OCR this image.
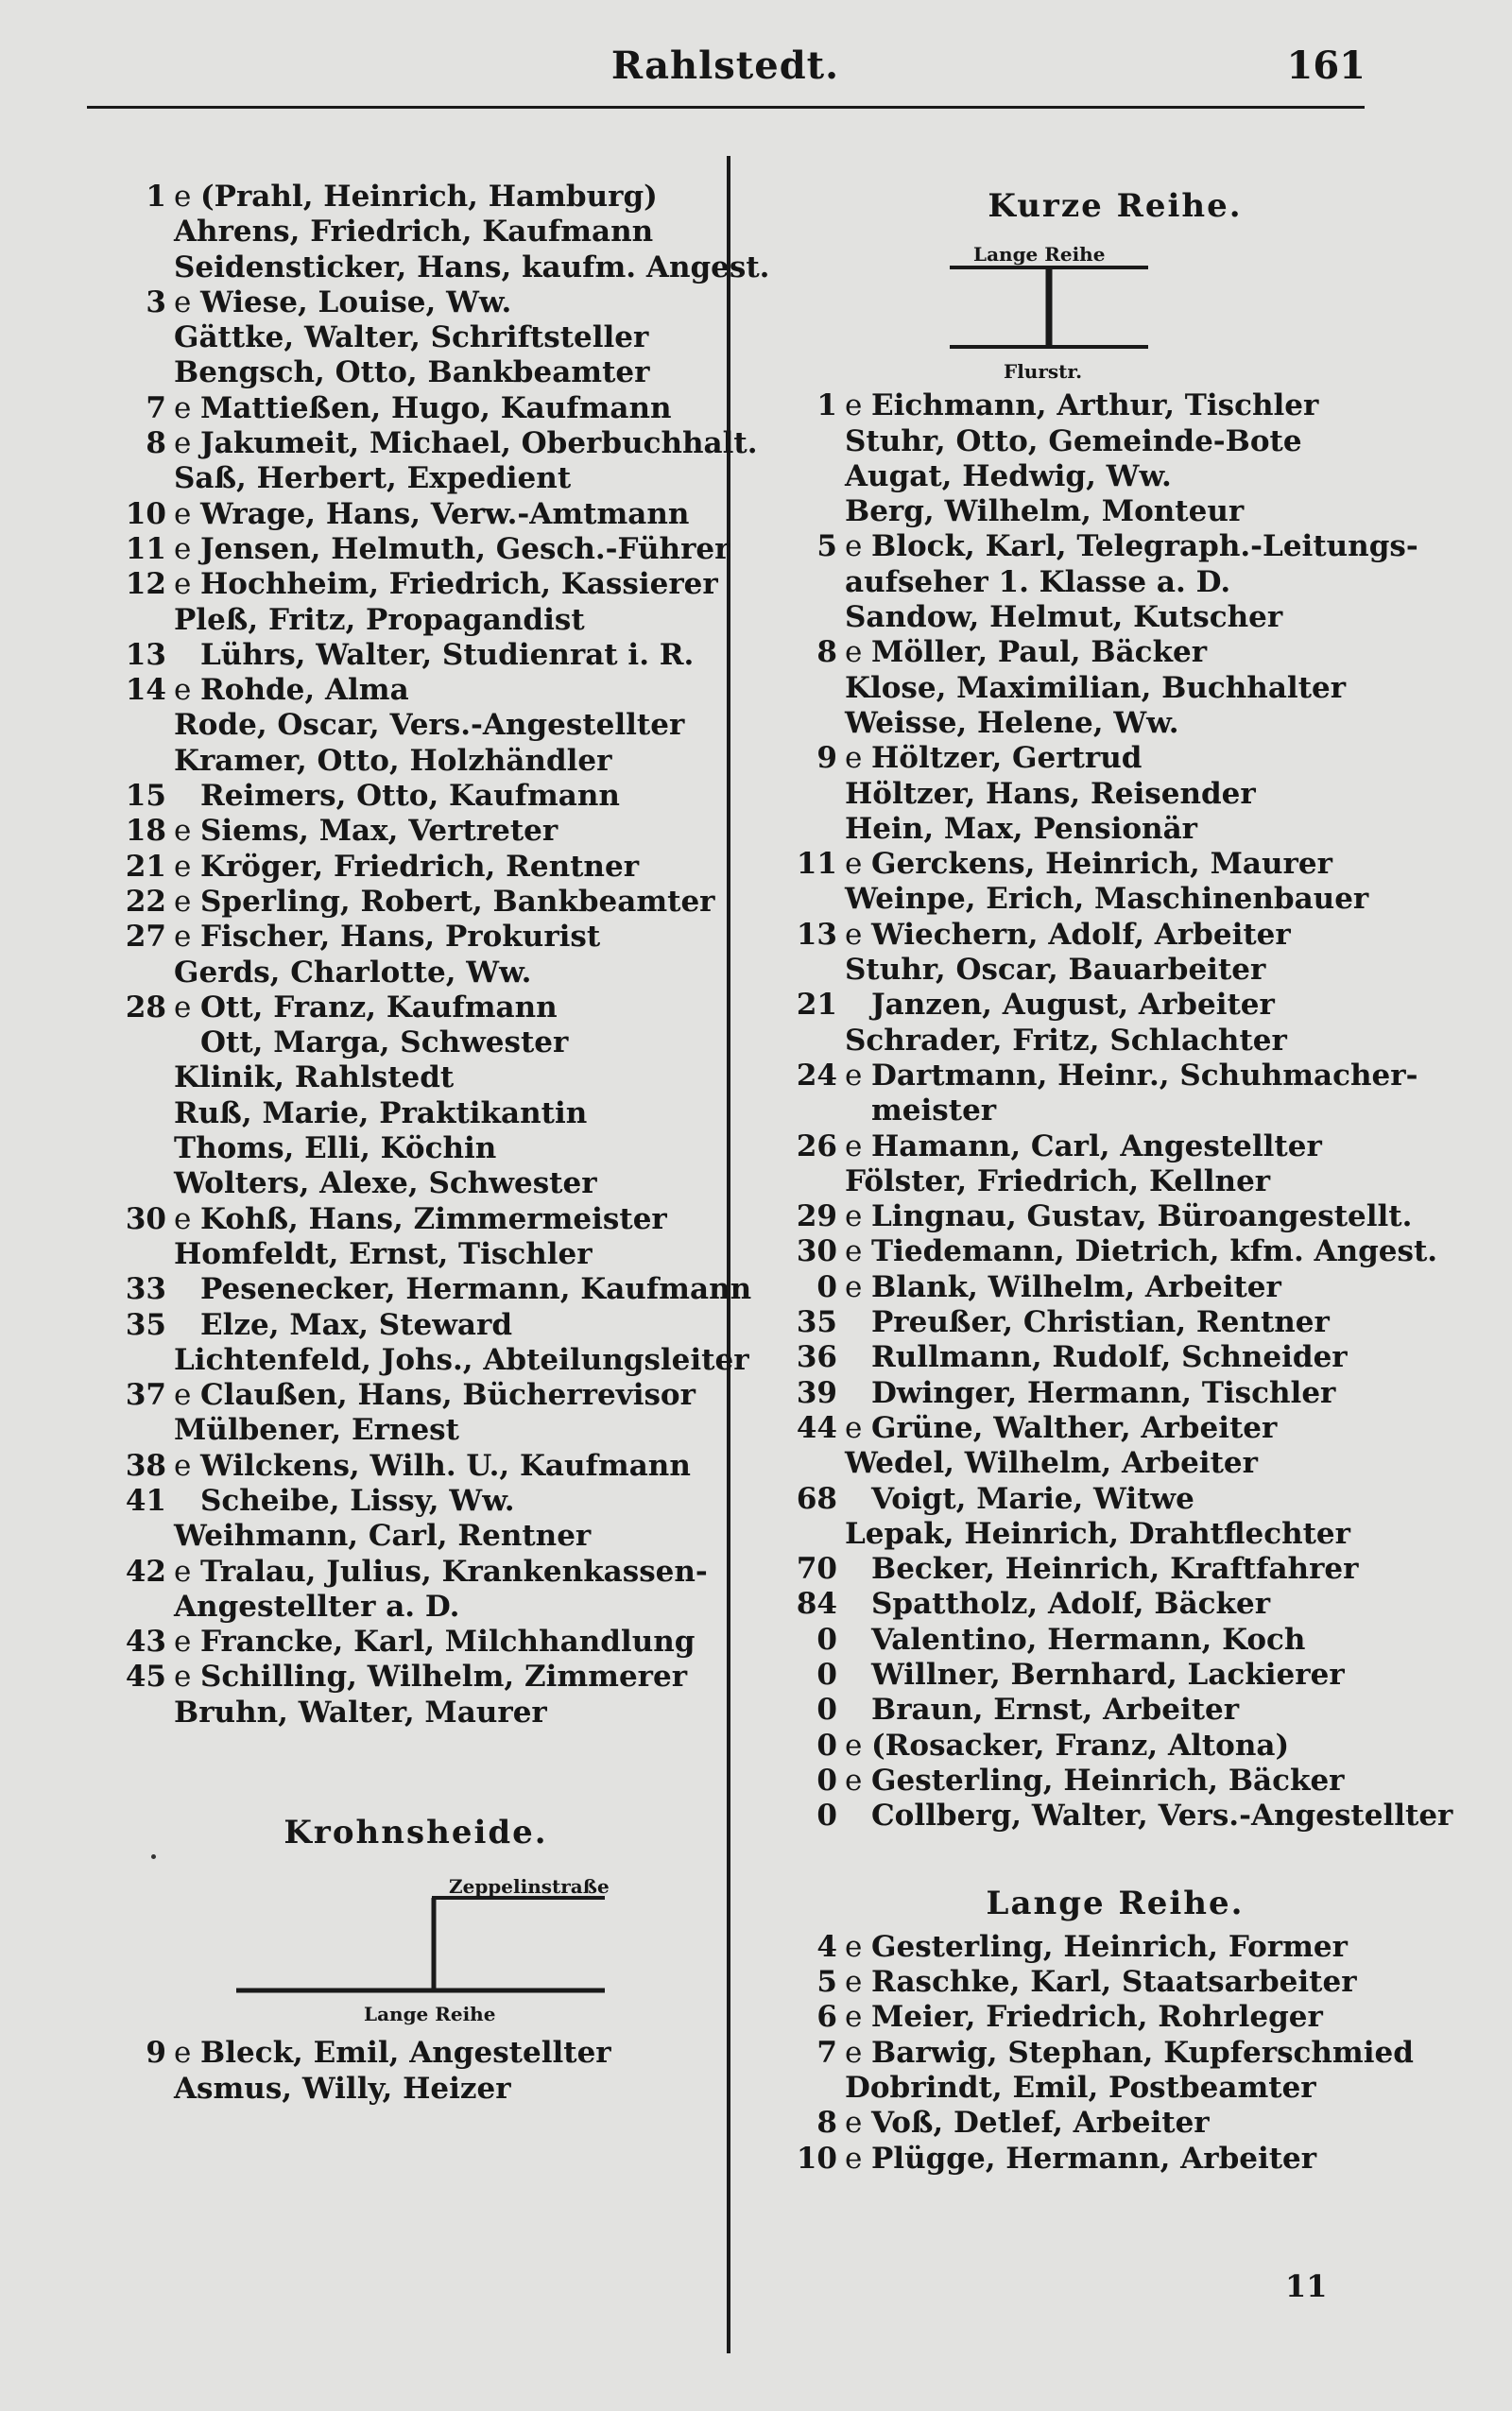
Rahlstedt.	161
1 e (Prahl, Heinrich, Hamburg)
Ahrens, Friedrich, Kaufmann
Seidensticker, Hans, kaufm. Angest.
3 e Wiese, Louise, Ww.
Gättke, Walter, Schriftsteller
Bengsch, Otto, Bankbeamter
7 e Mattießen, Hugo, Kaufmann
8 e Jakumeit, Michael, Oberbuchhalt.
Saß, Herbert, Expedient
10 e Wrage, Hans, Verw.-Amtmann
11 e Jensen, Helmuth, Gesch.-Führer
12 e Hochheim, Friedrich, Kassierer
Pleß, Fritz, Propagandist
13 Lührs, Walter, Studienrat i. R.
14 e Rohde, Alma
Rode, Oscar, Vers.-Angestellter
Kramer, Otto, Holzhändler
15 Reimers, Otto, Kaufmann
18 e Siems, Max, Vertreter
21 e Kröger, Friedrich, Rentner
22 e Sperling, Robert, Bankbeamter
27 e Fischer, Hans, Prokurist
Gerds, Charlotte, Ww.
28 e Ott, Franz, Kaufmann
Ott, Marga, Schwester
Klinik, Rahlstedt
Ruß, Marie, Praktikantin
Thoms, Elli, Köchin
Wolters, Alexe, Schwester
30 e Kohß, Hans, Zimmermeister
Homfeldt, Ernst, Tischler
33 Pesenecker, Hermann, Kaufmann
35 Elze, Max, Steward
Lichtenfeld, Johs., Abteilungsleiter
37 e Claußen, Hans, Bücherrevisor
Mülbener, Ernest
38 e Wilckens, Wilh. U., Kaufmann
41 Scheibe, Lissy, Ww.
Weihmann, Carl, Rentner
42 e Tralau, Julius, Krankenkassen-
Angestellter a. D.
43 e Francke, Karl, Milchhandlung
45 e Schilling, Wilhelm, Zimmerer
Bruhn, Walter, Maurer
Krohnsheide.
Zeppelinstraße
Lange Reihe
9 e Bleck, Emil, Angestellter
Asmus, Willy, Heizer
Kurze Reihe.
Lange Reihe
Flurstr.
1 e Eichmann, Arthur, Tischler
Stuhr, Otto, Gemeinde-Bote
Augat, Hedwig, Ww.
Berg, Wilhelm, Monteur
5 e Block, Karl, Telegraph.-Leitungs-
aufseher 1. Klasse a. D.
Sandow, Helmut, Kutscher
8 e Möller, Paul, Bäcker
Klose, Maximilian, Buchhalter
Weisse, Helene, Ww.
9 e Höltzer, Gertrud
Höltzer, Hans, Reisender
Hein, Max, Pensionär
11 e Gerckens, Heinrich, Maurer
Weinpe, Erich, Maschinenbauer
13 e Wiechern, Adolf, Arbeiter
Stuhr, Oscar, Bauarbeiter
21 Janzen, August, Arbeiter
Schrader, Fritz, Schlachter
24 e Dartmann, Heinr., Schuhmacher-
meister
26 e Hamann, Carl, Angestellter
Fölster, Friedrich, Kellner
29 e Lingnau, Gustav, Büroangestellt.
30 e Tiedemann, Dietrich, kfm. Angest.
0 e Blank, Wilhelm, Arbeiter
35 Preußer, Christian, Rentner
36 Rullmann, Rudolf, Schneider
39 Dwinger, Hermann, Tischler
44 e Grüne, Walther, Arbeiter
Wedel, Wilhelm, Arbeiter
68 Voigt, Marie, Witwe
Lepak, Heinrich, Drahtflechter
70 Becker, Heinrich, Kraftfahrer
84 Spattholz, Adolf, Bäcker
0 Valentino, Hermann, Koch
0 Willner, Bernhard, Lackierer
0 Braun, Ernst, Arbeiter
0 e (Rosacker, Franz, Altona)
0 e Gesterling, Heinrich, Bäcker
0 Collberg, Walter, Vers.-Angestellter
Lange Reihe.
4 e Gesterling, Heinrich, Former
5 e Raschke, Karl, Staatsarbeiter
6 e Meier, Friedrich, Rohrleger
7 e Barwig, Stephan, Kupferschmied
Dobrindt, Emil, Postbeamter
8 e Voß, Detlef, Arbeiter
10 e Plügge, Hermann, Arbeiter
11
